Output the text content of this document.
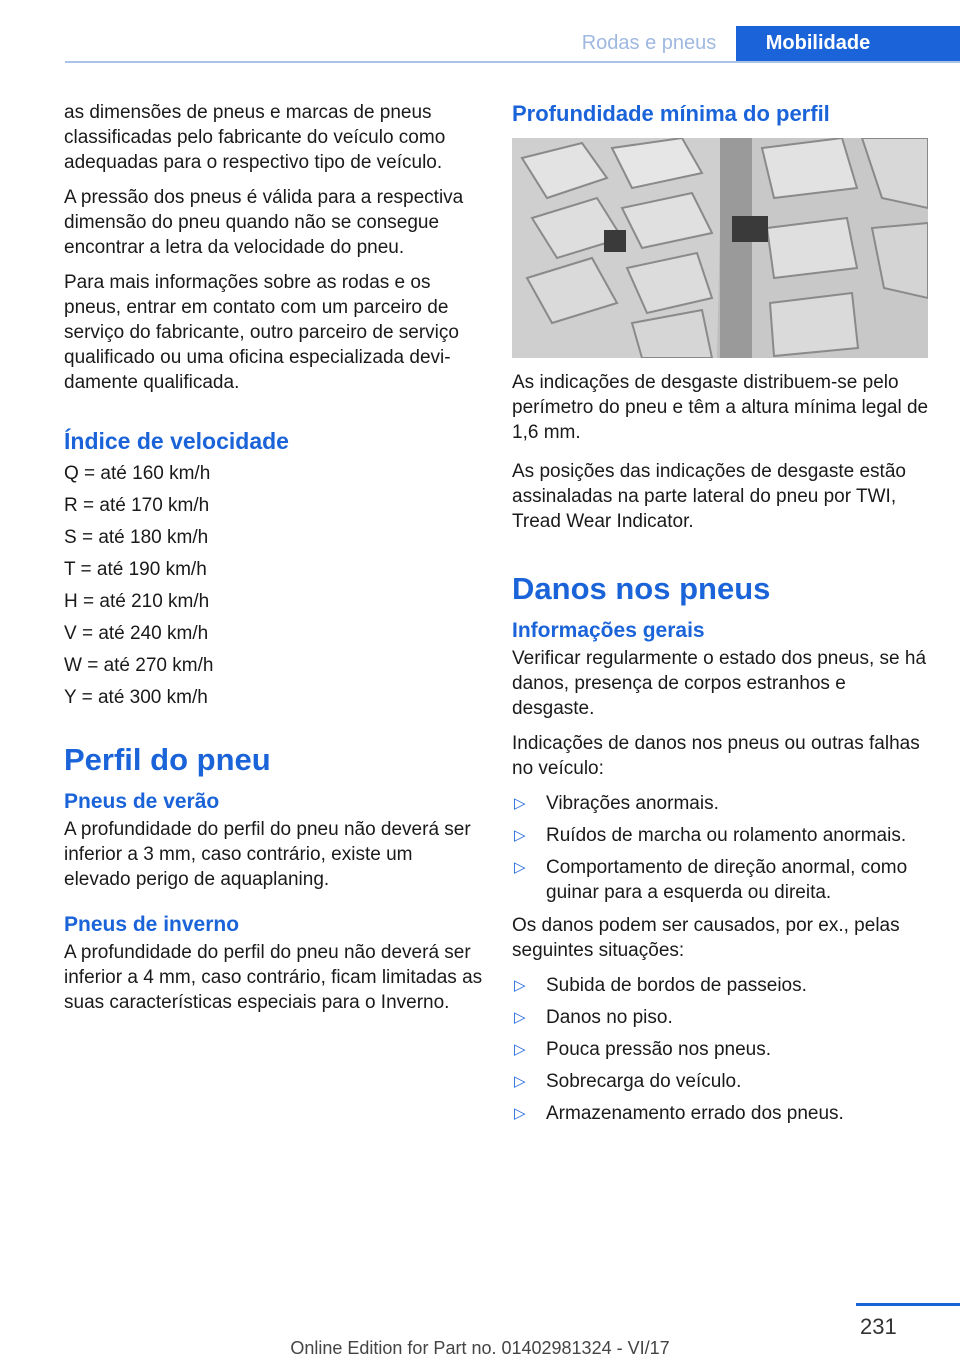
Rodas e pneus	Mobilidade

as dimensões de pneus e marcas de pneus classificadas pelo fabricante do veículo como adequadas para o respectivo tipo de veículo.

A pressão dos pneus é válida para a respectiva dimensão do pneu quando não se consegue encontrar a letra da velocidade do pneu.

Para mais informações sobre as rodas e os pneus, entrar em contato com um parceiro de serviço do fabricante, outro parceiro de serviço qualificado ou uma oficina especializada devidamente qualificada.

Índice de velocidade

Q = até 160 km/h

R = até 170 km/h

S = até 180 km/h

T = até 190 km/h

H = até 210 km/h

V = até 240 km/h

W = até 270 km/h

Y = até 300 km/h

Perfil do pneu
Pneus de verão

A profundidade do perfil do pneu não deverá ser inferior a 3 mm, caso contrário, existe um elevado perigo de aquaplaning.

Pneus de inverno

A profundidade do perfil do pneu não deverá ser inferior a 4 mm, caso contrário, ficam limitadas as suas características especiais para o Inverno.

Profundidade mínima do perfil

As indicações de desgaste distribuem-se pelo perímetro do pneu e têm a altura mínima legal de 1,6 mm.

As posições das indicações de desgaste estão assinaladas na parte lateral do pneu por TWI, Tread Wear Indicator.

Danos nos pneus
Informações gerais

Verificar regularmente o estado dos pneus, se há danos, presença de corpos estranhos e desgaste.

Indicações de danos nos pneus ou outras falhas no veículo:

▷ Vibrações anormais.
▷ Ruídos de marcha ou rolamento anormais.
▷ Comportamento de direção anormal, como guinar para a esquerda ou direita.

Os danos podem ser causados, por ex., pelas seguintes situações:

▷ Subida de bordos de passeios.
▷ Danos no piso.
▷ Pouca pressão nos pneus.
▷ Sobrecarga do veículo.
▷ Armazenamento errado dos pneus.
231
Online Edition for Part no. 01402981324 - VI/17
